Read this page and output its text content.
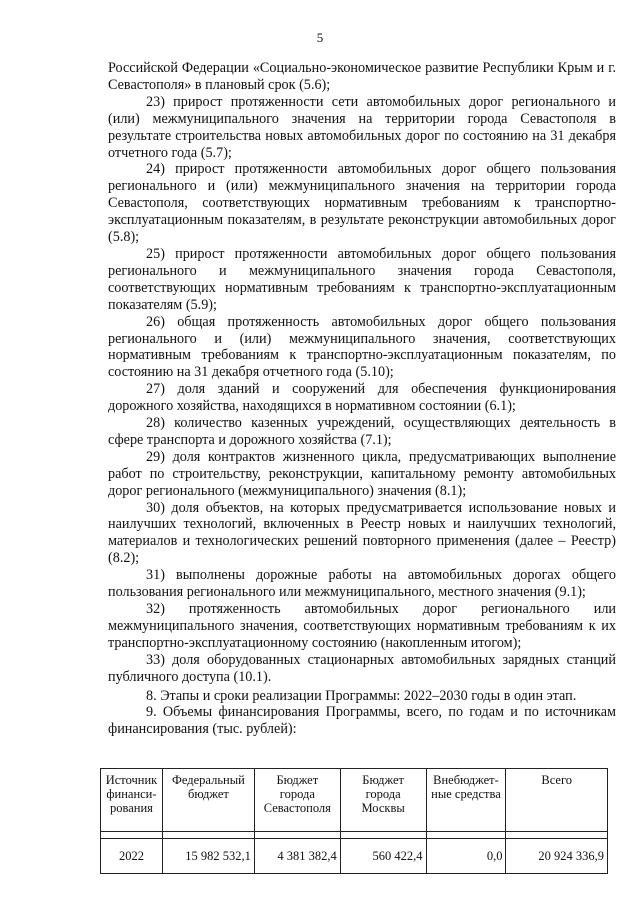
5

Российской Федерации «Социально-экономическое развитие Республики Крым и г. Севастополя» в плановый срок (5.6);

23) прирост протяженности сети автомобильных дорог регионального и (или) межмуниципального значения на территории города Севастополя в результате строительства новых автомобильных дорог по состоянию на 31 декабря отчетного года (5.7);

24) прирост протяженности автомобильных дорог общего пользования регионального и (или) межмуниципального значения на территории города Севастополя, соответствующих нормативным требованиям к транспортно-эксплуатационным показателям, в результате реконструкции автомобильных дорог (5.8);

25) прирост протяженности автомобильных дорог общего пользования регионального и межмуниципального значения города Севастополя, соответствующих нормативным требованиям к транспортно-эксплуатационным показателям (5.9);

26) общая протяженность автомобильных дорог общего пользования регионального и (или) межмуниципального значения, соответствующих нормативным требованиям к транспортно-эксплуатационным показателям, по состоянию на 31 декабря отчетного года (5.10);

27) доля зданий и сооружений для обеспечения функционирования дорожного хозяйства, находящихся в нормативном состоянии (6.1);

28) количество казенных учреждений, осуществляющих деятельность в сфере транспорта и дорожного хозяйства (7.1);

29) доля контрактов жизненного цикла, предусматривающих выполнение работ по строительству, реконструкции, капитальному ремонту автомобильных дорог регионального (межмуниципального) значения (8.1);

30) доля объектов, на которых предусматривается использование новых и наилучших технологий, включенных в Реестр новых и наилучших технологий, материалов и технологических решений повторного применения (далее – Реестр) (8.2);

31) выполнены дорожные работы на автомобильных дорогах общего пользования регионального или межмуниципального, местного значения (9.1);

32) протяженность автомобильных дорог регионального или межмуниципального значения, соответствующих нормативным требованиям к их транспортно-эксплуатационному состоянию (накопленным итогом);

33) доля оборудованных стационарных автомобильных зарядных станций публичного доступа (10.1).

8. Этапы и сроки реализации Программы: 2022–2030 годы в один этап.

9. Объемы финансирования Программы, всего, по годам и по источникам финансирования (тыс. рублей):

Источник финанси-рования	Федеральный бюджет	Бюджет города Севастополя	Бюджет города Москвы	Внебюджет-ные средства	Всего

2022	15 982 532,1	4 381 382,4	560 422,4	0,0	20 924 336,9
